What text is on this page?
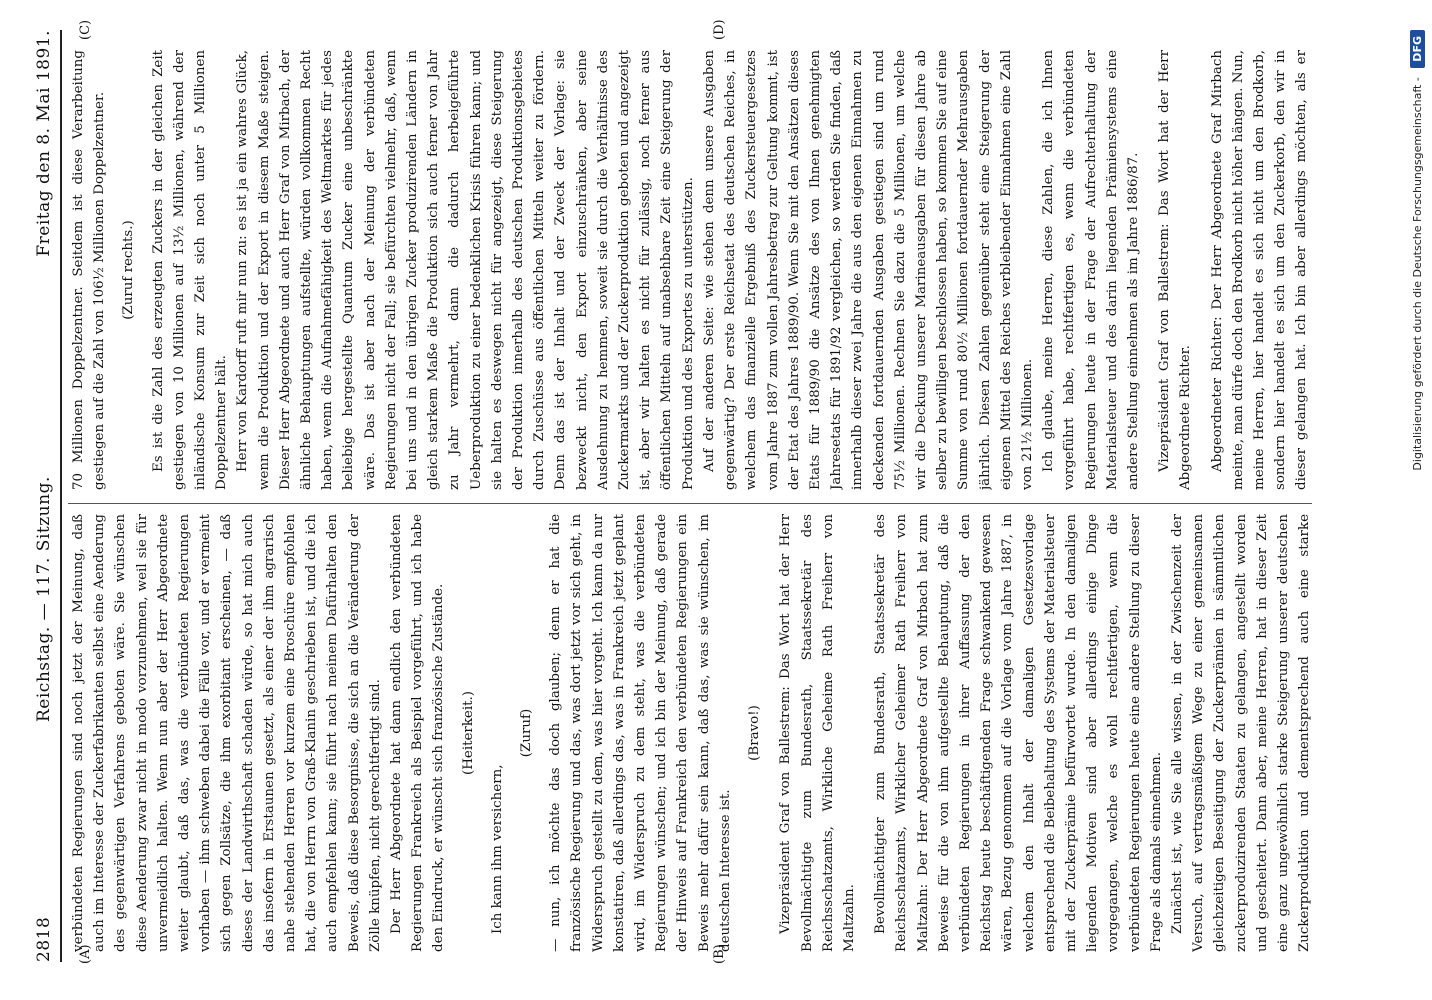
2818
Reichstag. — 117. Sitzung.
Freitag den 8. Mai 1891.
(A)	(B)
(C)	(D)

verbündeten Regierungen sind noch jetzt der Meinung, daß auch im Interesse der Zuckerfabrikanten selbst eine Aenderung des gegenwärtigen Verfahrens geboten wäre. Sie wünschen diese Aenderung zwar nicht in modo vorzunehmen, weil sie für unvermeidlich halten. Wenn nun aber der Herr Abgeordnete weiter glaubt, daß das, was die verbündeten Regierungen vorhaben — ihm schweben dabei die Fälle vor, und er vermeint sich gegen Zollsätze, die ihm exorbitant erscheinen, — daß dieses der Landwirthschaft schaden würde, so hat mich auch das insofern in Erstaunen gesetzt, als einer der ihm agrarisch nahe stehenden Herren vor kurzem eine Broschüre empfohlen hat, die von Herrn von Graß-Klanin geschrieben ist, und die ich auch empfehlen kann; sie führt nach meinem Dafürhalten den Beweis, daß diese Besorgnisse, die sich an die Veränderung der Zölle knüpfen, nicht gerechtfertigt sind. Der Herr Abgeordnete hat dann endlich den verbündeten Regierungen Frankreich als Beispiel vorgeführt, und ich habe den Eindruck, er wünscht sich französische Zustände. (Heiterkeit.)

Ich kann ihm versichern,

(Zuruf) — nun, ich möchte das doch glauben; denn er hat die französische Regierung und das, was dort jetzt vor sich geht, in Widerspruch gestellt zu dem, was hier vorgeht. Ich kann da nur konstatiren, daß allerdings das, was in Frankreich jetzt geplant wird, im Widerspruch zu dem steht, was die verbündeten Regierungen wünschen; und ich bin der Meinung, daß gerade der Hinweis auf Frankreich den verbündeten Regierungen ein Beweis mehr dafür sein kann, daß das, was sie wünschen, im deutschen Interesse ist.

(Bravo!) Vizepräsident Graf von Ballestrem: Das Wort hat der Herr Bevollmächtigte zum Bundesrath, Staatssekretär des Reichsschatzamts, Wirkliche Geheime Rath Freiherr von Maltzahn. Bevollmächtigter zum Bundesrath, Staatssekretär des Reichsschatzamts, Wirklicher Geheimer Rath Freiherr von Maltzahn: Der Herr Abgeordnete Graf von Mirbach hat zum Beweise für die von ihm aufgestellte Behauptung, daß die verbündeten Regierungen in ihrer Auffassung der den Reichstag heute beschäftigenden Frage schwankend gewesen wären, Bezug genommen auf die Vorlage vom Jahre 1887, in welchem den Inhalt der damaligen Gesetzesvorlage entsprechend die Beibehaltung des Systems der Materialsteuer mit der Zuckerprämie befürwortet wurde. In den damaligen liegenden Motiven sind aber allerdings einige Dinge vorgegangen, welche es wohl rechtfertigen, wenn die verbündeten Regierungen heute eine andere Stellung zu dieser Frage als damals einnehmen. Zunächst ist, wie Sie alle wissen, in der Zwischenzeit der Versuch, auf vertragsmäßigem Wege zu einer gemeinsamen gleichzeitigen Beseitigung der Zuckerprämien in sämmtlichen zuckerproduzirenden Staaten zu gelangen, angestellt worden und gescheitert. Dann aber, meine Herren, hat in dieser Zeit eine ganz ungewöhnlich starke Steigerung unserer deutschen Zuckerproduktion und dementsprechend auch eine starke

70 Millionen Doppelzentner. Seitdem ist diese Verarbeitung gestiegen auf die Zahl von 106½ Millionen Doppelzentner. (Zuruf rechts.) Es ist die Zahl des erzeugten Zuckers in der gleichen Zeit gestiegen von 10 Millionen auf 13½ Millionen, während der inländische Konsum zur Zeit sich noch unter 5 Millionen Doppelzentner hält. Herr von Kardorff ruft mir nun zu: es ist ja ein wahres Glück, wenn die Produktion und der Export in diesem Maße steigen. Dieser Herr Abgeordnete und auch Herr Graf von Mirbach, der ähnliche Behauptungen aufstellte, würden vollkommen Recht haben, wenn die Aufnahmefähigkeit des Weltmarktes für jedes beliebige hergestellte Quantum Zucker eine unbeschränkte wäre. Das ist aber nach der Meinung der verbündeten Regierungen nicht der Fall; sie befürchten vielmehr, daß, wenn bei uns und in den übrigen Zucker produzirenden Ländern in gleich starkem Maße die Produktion sich auch ferner von Jahr zu Jahr vermehrt, dann die dadurch herbeigeführte Ueberproduktion zu einer bedenklichen Krisis führen kann; und sie halten es deswegen nicht für angezeigt, diese Steigerung der Produktion innerhalb des deutschen Produktionsgebietes durch Zuschüsse aus öffentlichen Mitteln weiter zu fördern. Denn das ist der Inhalt und der Zweck der Vorlage: sie bezweckt nicht, den Export einzuschränken, aber seine Ausdehnung zu hemmen, soweit sie durch die Verhältnisse des Zuckermarkts und der Zuckerproduktion geboten und angezeigt ist, aber wir halten es nicht für zulässig, noch ferner aus öffentlichen Mitteln auf unabsehbare Zeit eine Steigerung der Produktion und des Exportes zu unterstützen. Auf der anderen Seite: wie stehen denn unsere Ausgaben gegenwärtig? Der erste Reichsetat des deutschen Reiches, in welchem das finanzielle Ergebniß des Zuckersteuergesetzes vom Jahre 1887 zum vollen Jahresbetrag zur Geltung kommt, ist der Etat des Jahres 1889/90. Wenn Sie mit den Ansätzen dieses Etats für 1889/90 die Ansätze des von Ihnen genehmigten Jahresetats für 1891/92 vergleichen, so werden Sie finden, daß innerhalb dieser zwei Jahre die aus den eigenen Einnahmen zu deckenden fortdauernden Ausgaben gestiegen sind um rund 75½ Millionen. Rechnen Sie dazu die 5 Millionen, um welche wir die Deckung unserer Marineausgaben für diesen Jahre ab selber zu bewilligen beschlossen haben, so kommen Sie auf eine Summe von rund 80½ Millionen fortdauernder Mehrausgaben jährlich. Diesen Zahlen gegenüber steht eine Steigerung der eigenen Mittel des Reiches verbleibender Einnahmen eine Zahl von 21½ Millionen. Ich glaube, meine Herren, diese Zahlen, die ich Ihnen vorgeführt habe, rechtfertigen es, wenn die verbündeten Regierungen heute in der Frage der Aufrechterhaltung der Materialsteuer und des darin liegenden Prämiensystems eine andere Stellung einnehmen als im Jahre 1886/87. Vizepräsident Graf von Ballestrem: Das Wort hat der Herr Abgeordnete Richter. Abgeordneter Richter: Der Herr Abgeordnete Graf Mirbach meinte, man dürfe doch den Brodkorb nicht höher hängen. Nun, meine Herren, hier handelt es sich nicht um den Brodkorb, sondern hier handelt es sich um den Zuckerkorb, den wir in dieser gelangen hat. Ich bin aber allerdings möchten, als er

Digitalisierung gefördert durch die Deutsche Forschungsgemeinschaft - DFG
